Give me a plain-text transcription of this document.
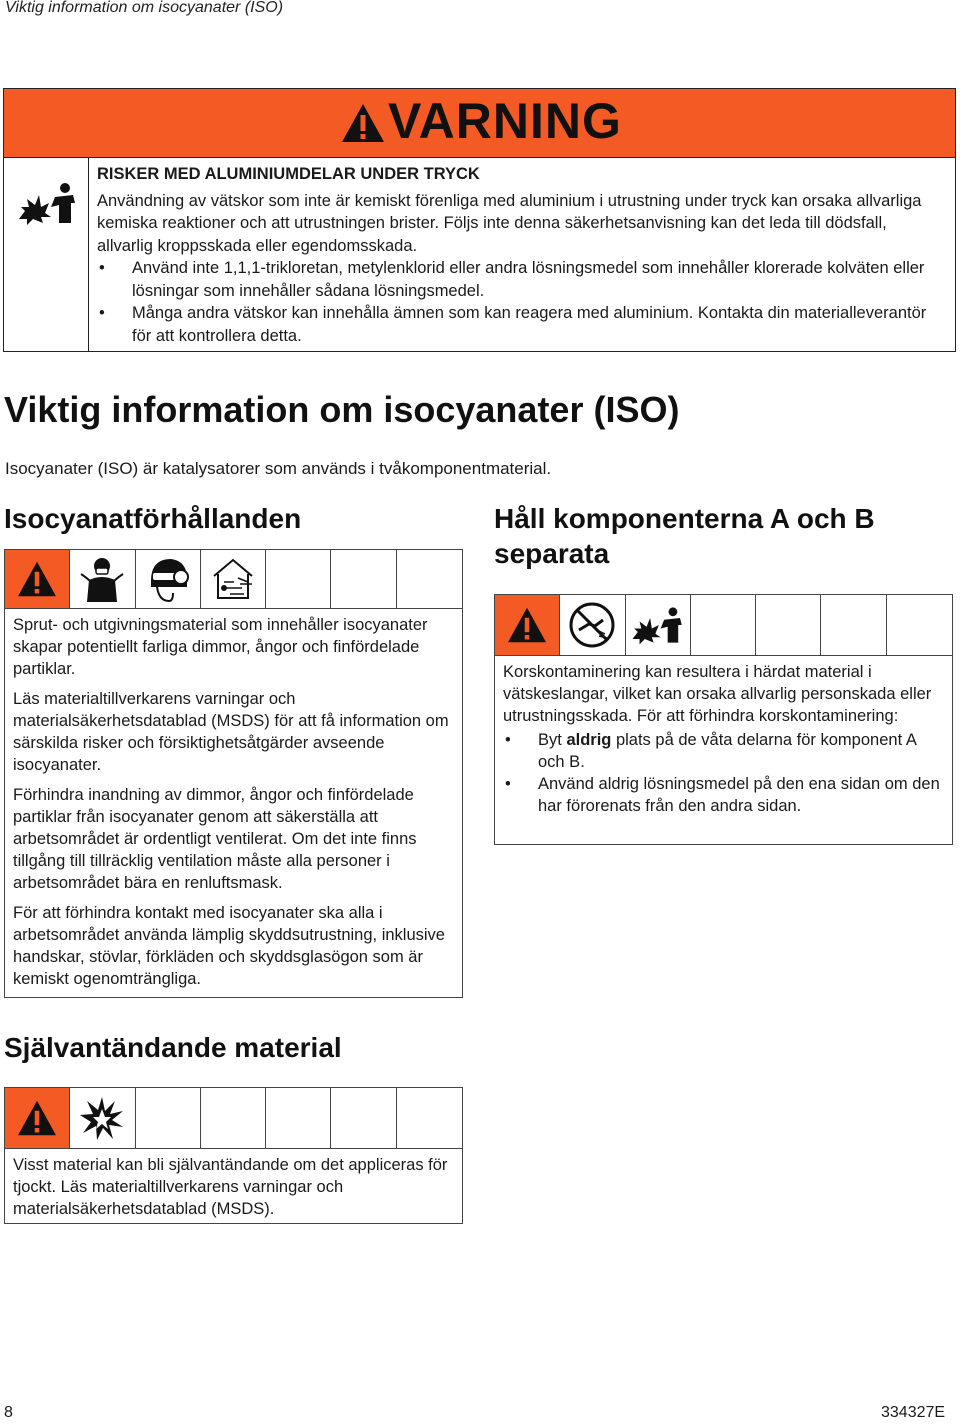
Viktig information om isocyanater (ISO)
VARNING
RISKER MED ALUMINIUMDELAR UNDER TRYCK

Användning av vätskor som inte är kemiskt förenliga med aluminium i utrustning under tryck kan orsaka allvarliga kemiska reaktioner och att utrustningen brister. Följs inte denna säkerhetsanvisning kan det leda till dödsfall, allvarlig kroppsskada eller egendomsskada.

• Använd inte 1,1,1-trikloretan, metylenklorid eller andra lösningsmedel som innehåller klorerade kolväten eller lösningar som innehåller sådana lösningsmedel.
• Många andra vätskor kan innehålla ämnen som kan reagera med aluminium. Kontakta din materialleverantör för att kontrollera detta.
Viktig information om isocyanater (ISO)
Isocyanater (ISO) är katalysatorer som används i tvåkomponentmaterial.
Isocyanatförhållanden

Sprut- och utgivningsmaterial som innehåller isocyanater skapar potentiellt farliga dimmor, ångor och finfördelade partiklar.

Läs materialtillverkarens varningar och materialsäkerhetsdatablad (MSDS) för att få information om särskilda risker och försiktighetsåtgärder avseende isocyanater.

Förhindra inandning av dimmor, ångor och finfördelade partiklar från isocyanater genom att säkerställa att arbetsområdet är ordentligt ventilerat. Om det inte finns tillgång till tillräcklig ventilation måste alla personer i arbetsområdet bära en renluftsmask.

För att förhindra kontakt med isocyanater ska alla i arbetsområdet använda lämplig skyddsutrustning, inklusive handskar, stövlar, förkläden och skyddsglasögon som är kemiskt ogenomträngliga.

Håll komponenterna A och B
separata

Korskontaminering kan resultera i härdat material i vätskeslangar, vilket kan orsaka allvarlig personskada eller utrustningsskada. För att förhindra korskontaminering:

• Byt aldrig plats på de våta delarna för komponent A och B.
• Använd aldrig lösningsmedel på den ena sidan om den har förorenats från den andra sidan.
Självantändande material

Visst material kan bli självantändande om det appliceras för tjockt. Läs materialtillverkarens varningar och materialsäkerhetsdatablad (MSDS).

8	334327E
